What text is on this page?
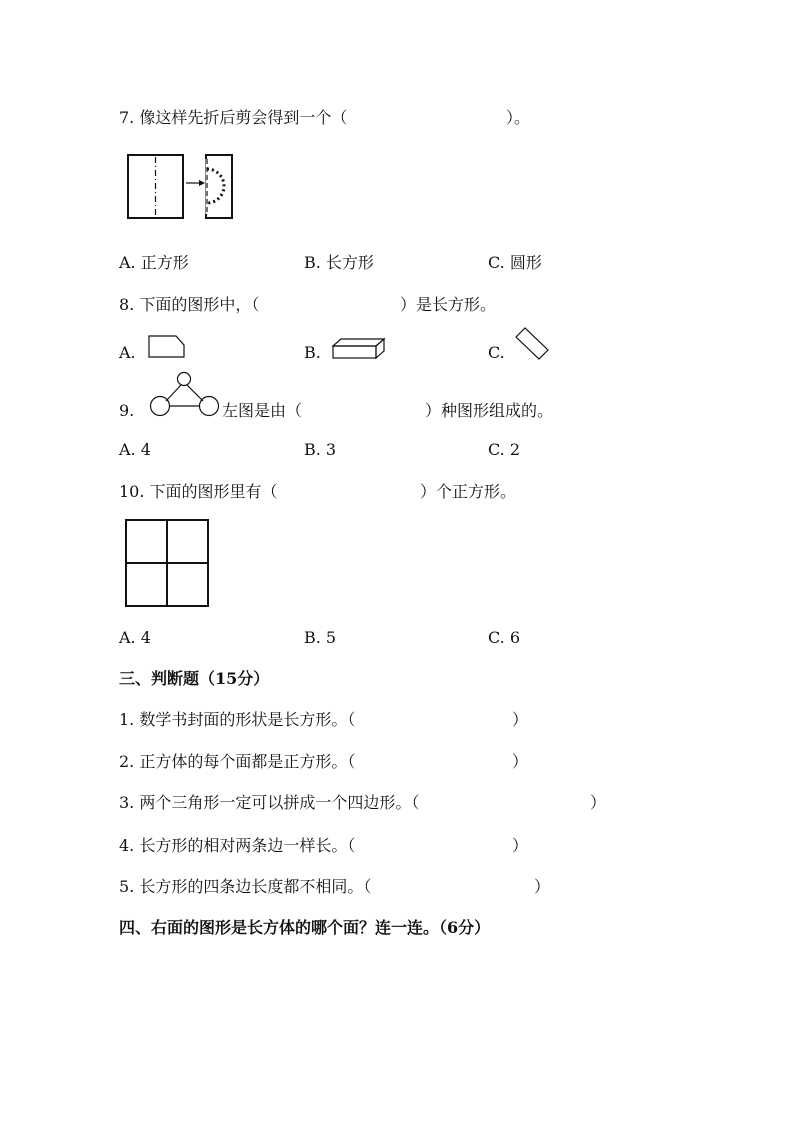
7. 像这样先折后剪会得到一个（	）。
A. 正方形	B. 长方形	C. 圆形
8. 下面的图形中，（	）是长方形。
A.	B.	C.
9.	左图是由（	）种图形组成的。
A. 4	B. 3	C. 2
10. 下面的图形里有（	）个正方形。
A. 4	B. 5	C. 6
三、判断题（15分）
1. 数学书封面的形状是长方形。（	）
2. 正方体的每个面都是正方形。（	）
3. 两个三角形一定可以拼成一个四边形。（	）
4. 长方形的相对两条边一样长。（	）
5. 长方形的四条边长度都不相同。（	）
四、右面的图形是长方体的哪个面？连一连。（6分）
